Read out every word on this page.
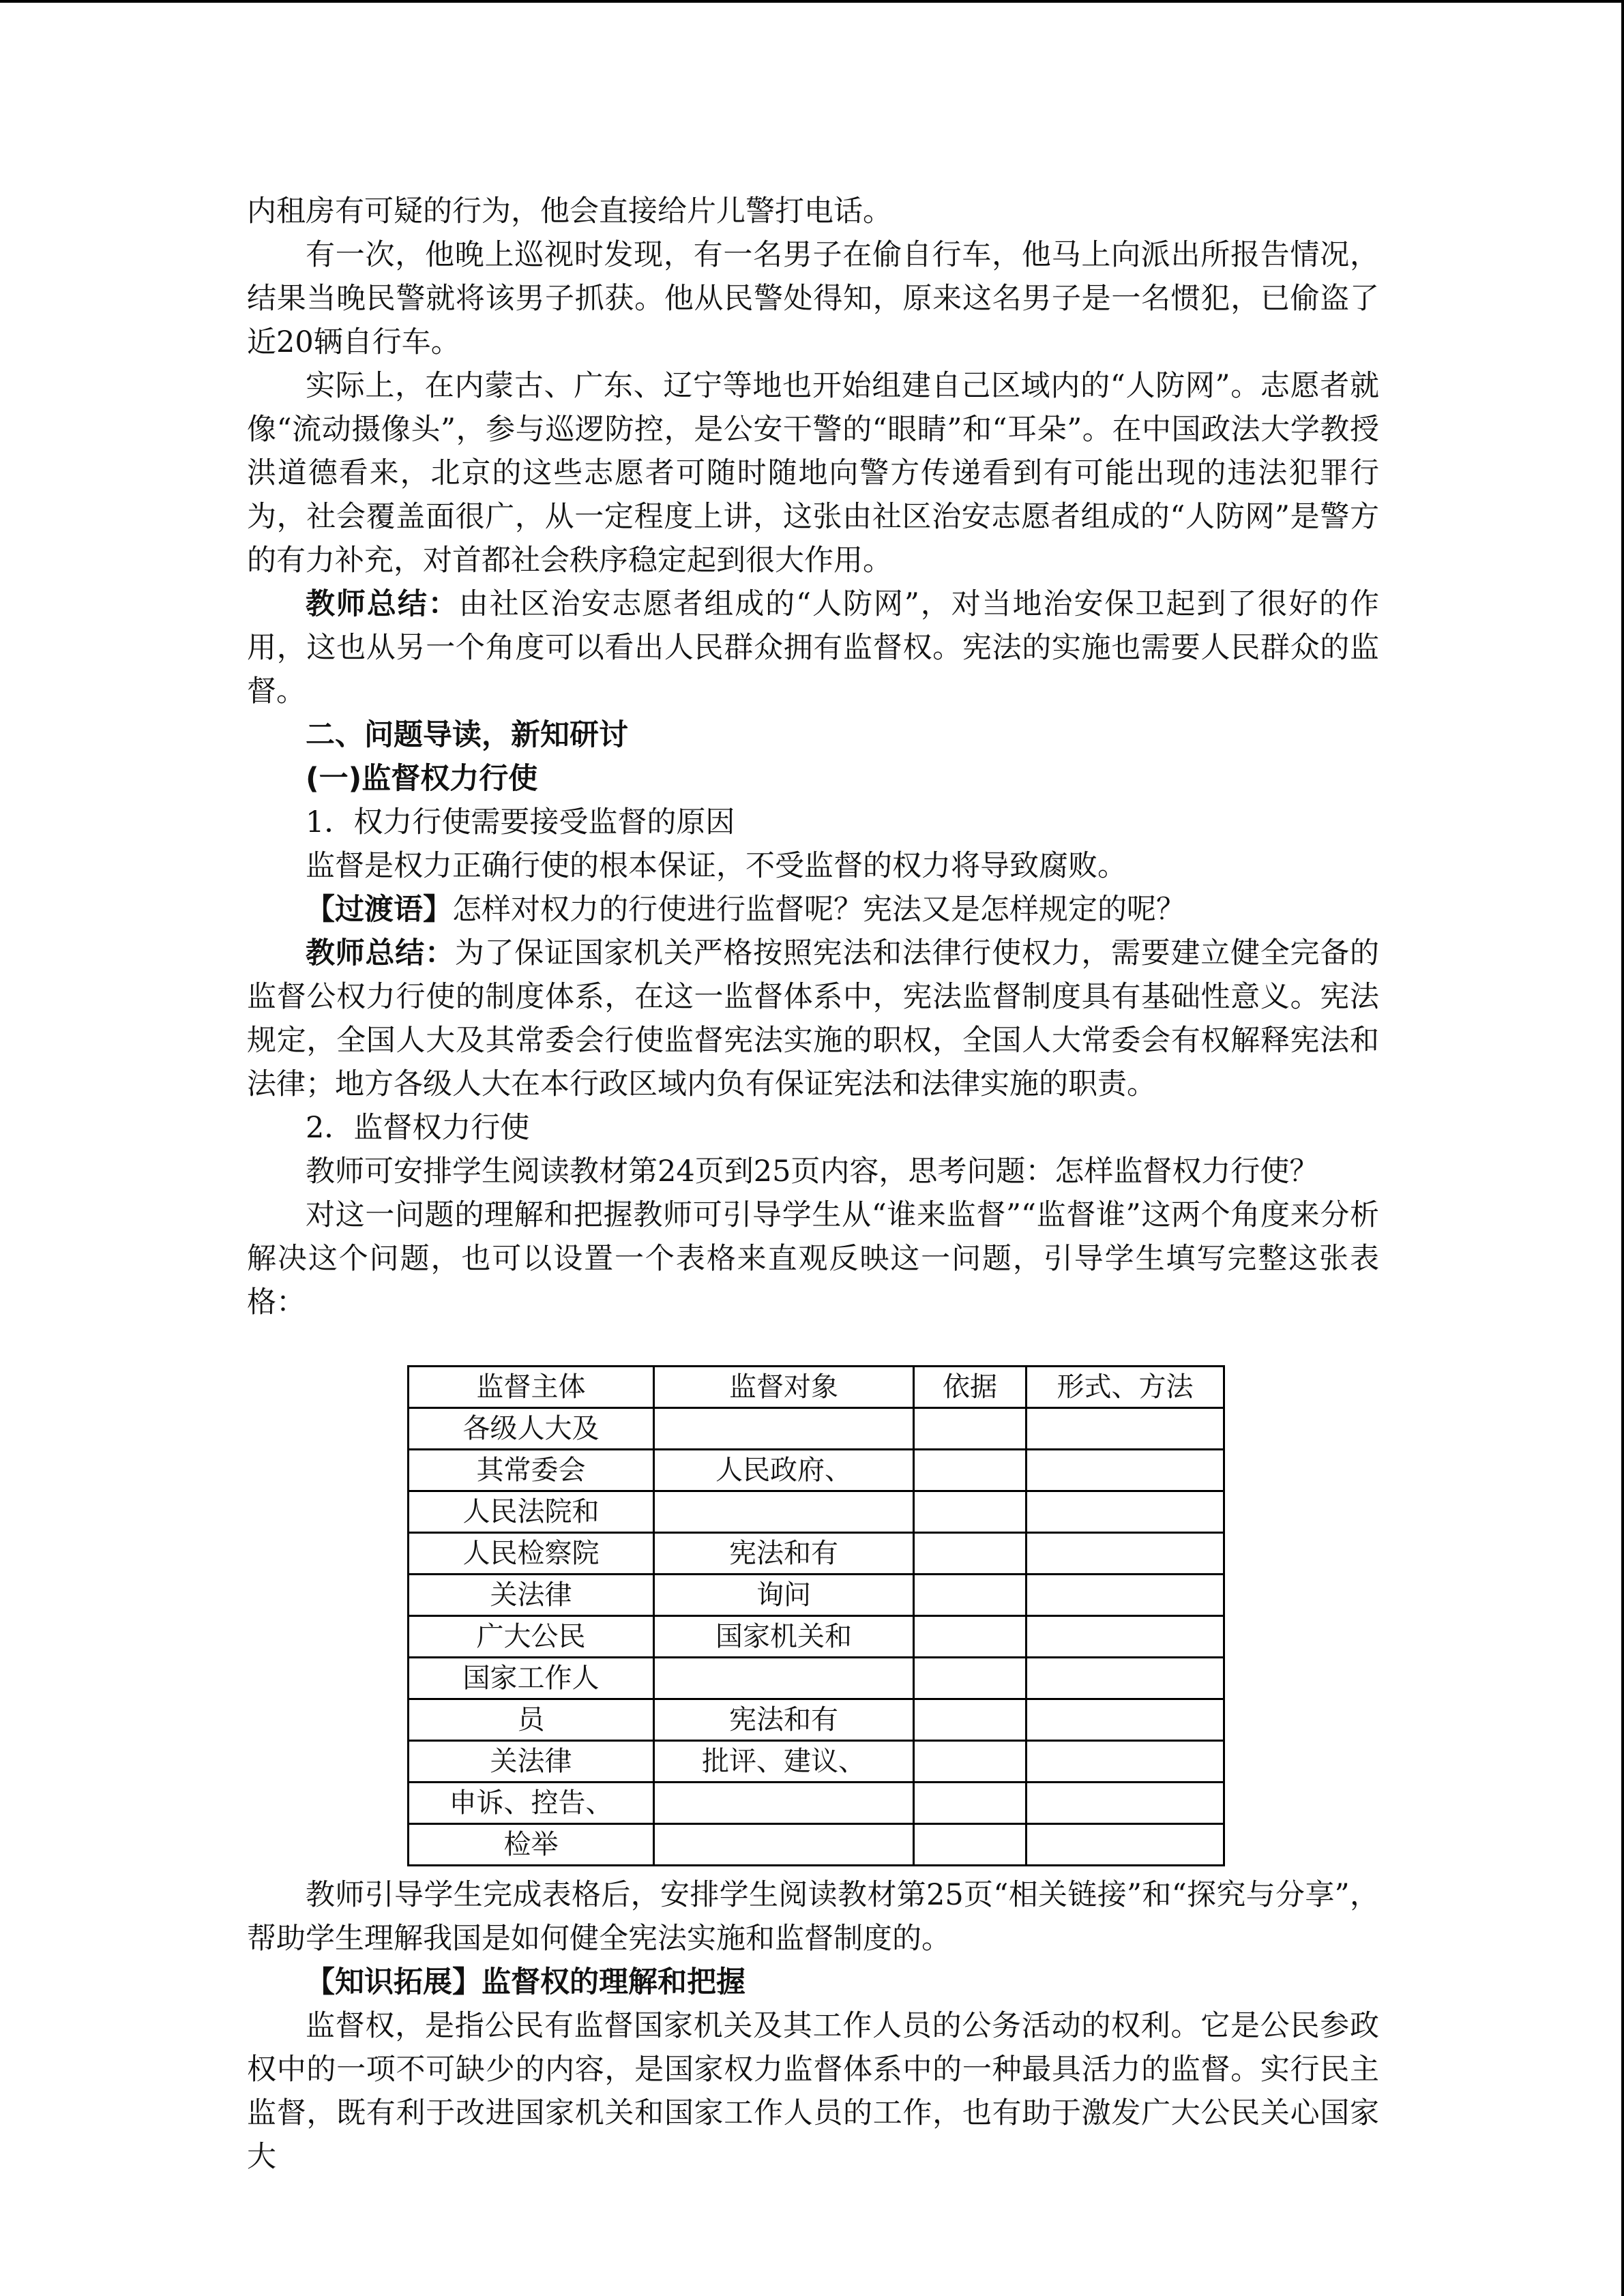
内租房有可疑的行为，他会直接给片儿警打电话。

有一次，他晚上巡视时发现，有一名男子在偷自行车，他马上向派出所报告情况，结果当晚民警就将该男子抓获。他从民警处得知，原来这名男子是一名惯犯，已偷盗了近20辆自行车。

实际上，在内蒙古、广东、辽宁等地也开始组建自己区域内的“人防网”。志愿者就像“流动摄像头”，参与巡逻防控，是公安干警的“眼睛”和“耳朵”。在中国政法大学教授洪道德看来，北京的这些志愿者可随时随地向警方传递看到有可能出现的违法犯罪行为，社会覆盖面很广，从一定程度上讲，这张由社区治安志愿者组成的“人防网”是警方的有力补充，对首都社会秩序稳定起到很大作用。

教师总结：由社区治安志愿者组成的“人防网”，对当地治安保卫起到了很好的作用，这也从另一个角度可以看出人民群众拥有监督权。宪法的实施也需要人民群众的监督。

二、问题导读，新知研讨

(一)监督权力行使

1．权力行使需要接受监督的原因

监督是权力正确行使的根本保证，不受监督的权力将导致腐败。

【过渡语】怎样对权力的行使进行监督呢？宪法又是怎样规定的呢？

教师总结：为了保证国家机关严格按照宪法和法律行使权力，需要建立健全完备的监督公权力行使的制度体系，在这一监督体系中，宪法监督制度具有基础性意义。宪法规定，全国人大及其常委会行使监督宪法实施的职权，全国人大常委会有权解释宪法和法律；地方各级人大在本行政区域内负有保证宪法和法律实施的职责。

2．监督权力行使

教师可安排学生阅读教材第24页到25页内容，思考问题：怎样监督权力行使？

对这一问题的理解和把握教师可引导学生从“谁来监督”“监督谁”这两个角度来分析解决这个问题，也可以设置一个表格来直观反映这一问题，引导学生填写完整这张表格：

监督主体	监督对象	依据	形式、方法
各级人大及			
其常委会	人民政府、		
人民法院和			
人民检察院	宪法和有		
关法律	询问		
广大公民	国家机关和		
国家工作人			
员	宪法和有		
关法律	批评、建议、		
申诉、控告、			
检举			

教师引导学生完成表格后，安排学生阅读教材第25页“相关链接”和“探究与分享”，帮助学生理解我国是如何健全宪法实施和监督制度的。

【知识拓展】监督权的理解和把握

监督权，是指公民有监督国家机关及其工作人员的公务活动的权利。它是公民参政权中的一项不可缺少的内容，是国家权力监督体系中的一种最具活力的监督。实行民主监督，既有利于改进国家机关和国家工作人员的工作，也有助于激发广大公民关心国家大
